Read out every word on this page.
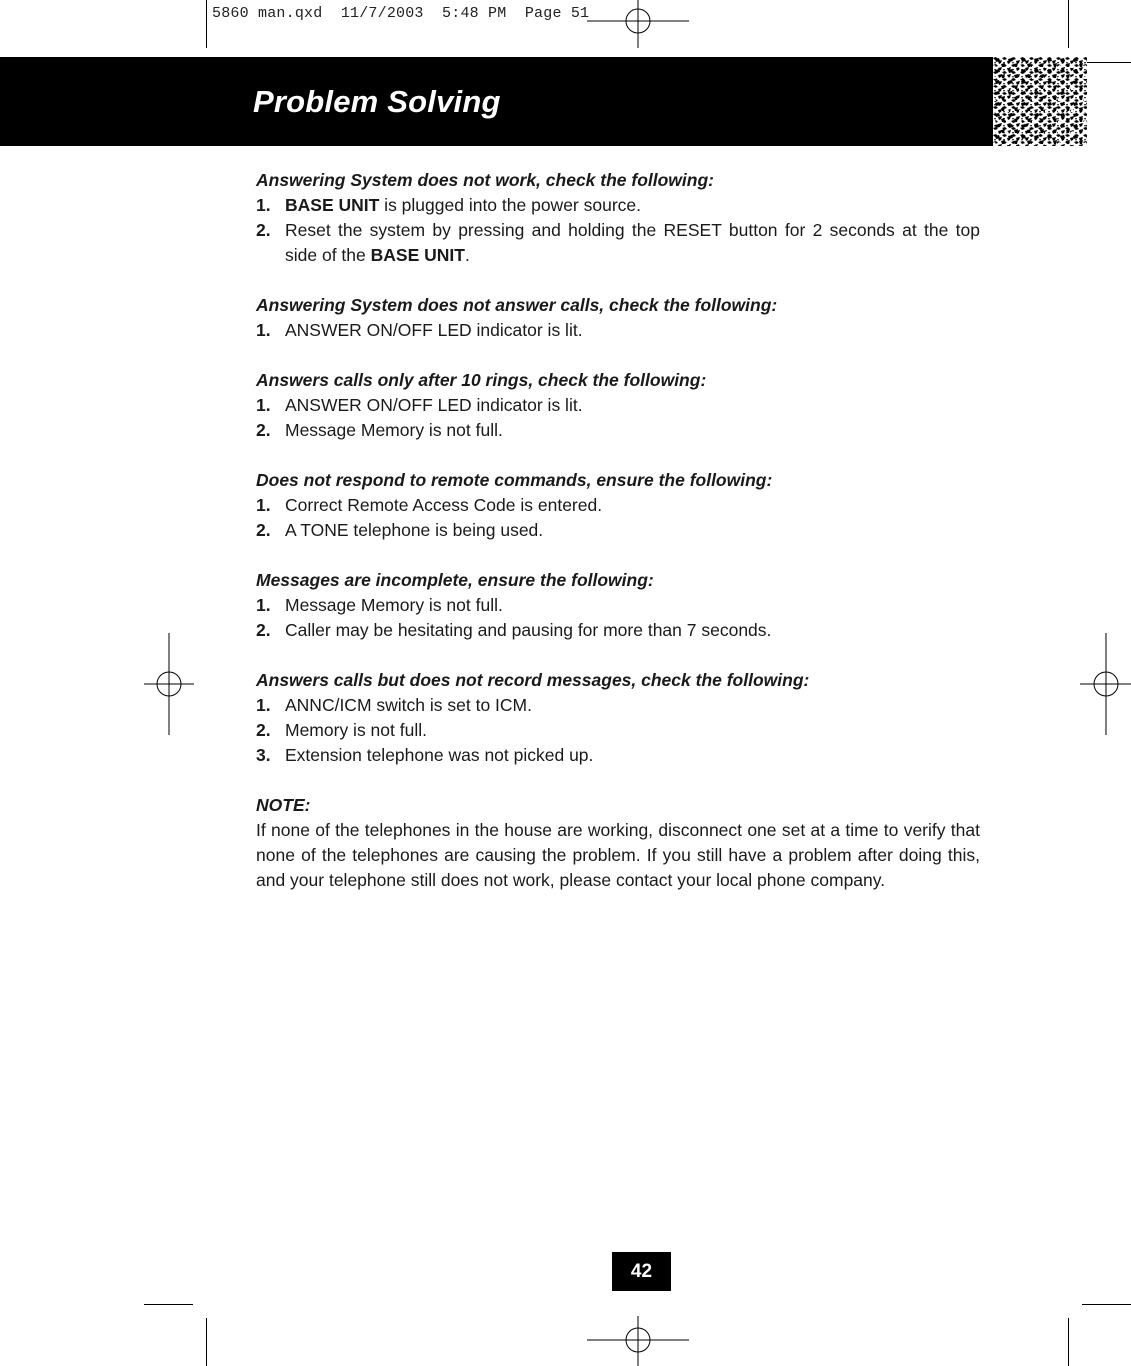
5860 man.qxd  11/7/2003  5:48 PM  Page 51
Problem Solving
Answering System does not work, check the following:
1. BASE UNIT is plugged into the power source.
2. Reset the system by pressing and holding the RESET button for 2 seconds at the top side of the BASE UNIT.
Answering System does not answer calls, check the following:
1. ANSWER ON/OFF LED indicator is lit.
Answers calls only after 10 rings, check the following:
1. ANSWER ON/OFF LED indicator is lit.
2. Message Memory is not full.
Does not respond to remote commands, ensure the following:
1. Correct Remote Access Code is entered.
2. A TONE telephone is being used.
Messages are incomplete, ensure the following:
1. Message Memory is not full.
2. Caller may be hesitating and pausing for more than 7 seconds.
Answers calls but does not record messages, check the following:
1. ANNC/ICM switch is set to ICM.
2. Memory is not full.
3. Extension telephone was not picked up.
NOTE:
If none of the telephones in the house are working, disconnect one set at a time to verify that none of the telephones are causing the problem. If you still have a problem after doing this, and your telephone still does not work, please contact your local phone company.
42
